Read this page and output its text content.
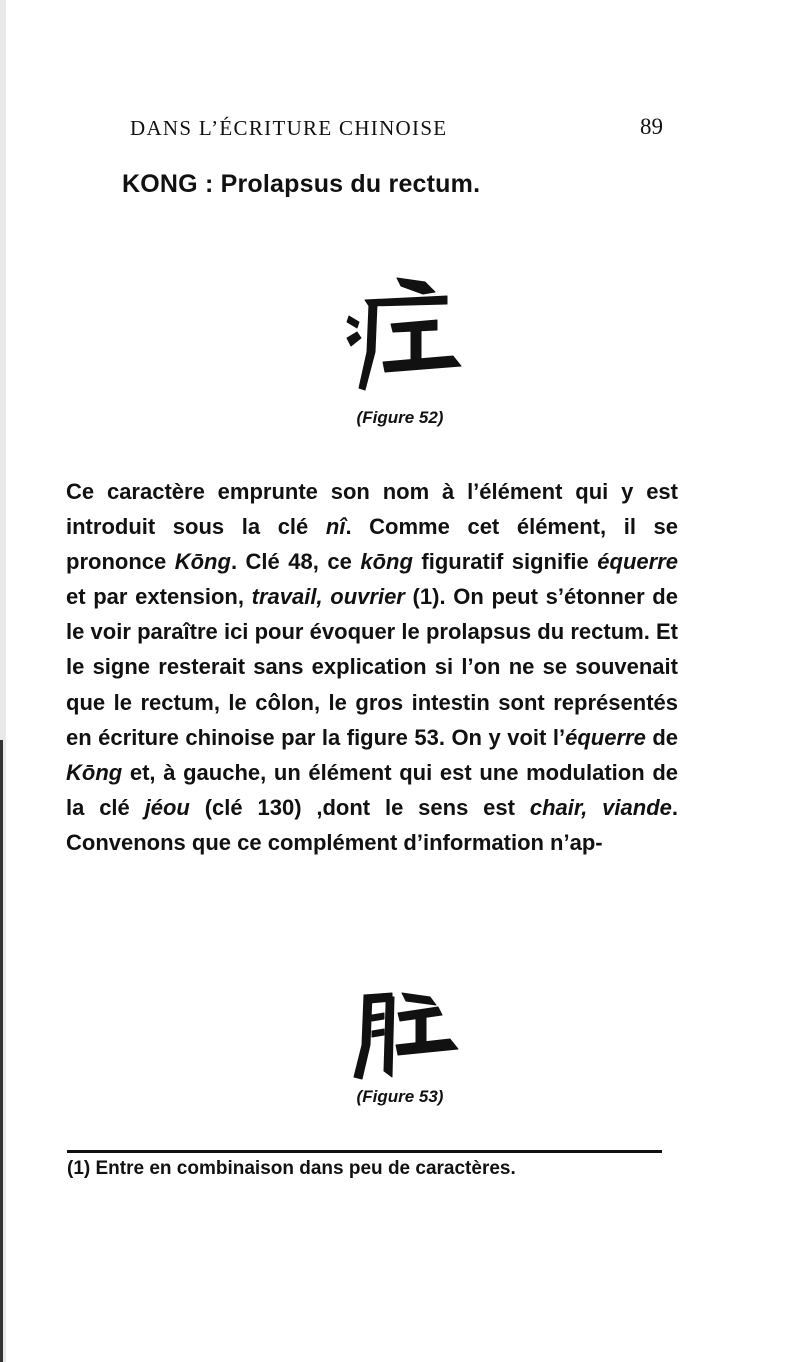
DANS L’ÉCRITURE CHINOISE	89
KONG : Prolapsus du rectum.
(Figure 52)

Ce caractère emprunte son nom à l’élément qui y est introduit sous la clé nî. Comme cet élément, il se prononce Kōng. Clé 48, ce kōng figuratif signifie équerre et par extension, travail, ouvrier (1). On peut s’étonner de le voir paraître ici pour évoquer le prolapsus du rectum. Et le signe resterait sans explication si l’on ne se souvenait que le rectum, le côlon, le gros intestin sont représentés en écriture chinoise par la figure 53. On y voit l’équerre de Kōng et, à gauche, un élément qui est une modulation de la clé jéou (clé 130) ,dont le sens est chair, viande. Convenons que ce complément d’information n’ap-

(Figure 53)
(1) Entre en combinaison dans peu de caractères.
